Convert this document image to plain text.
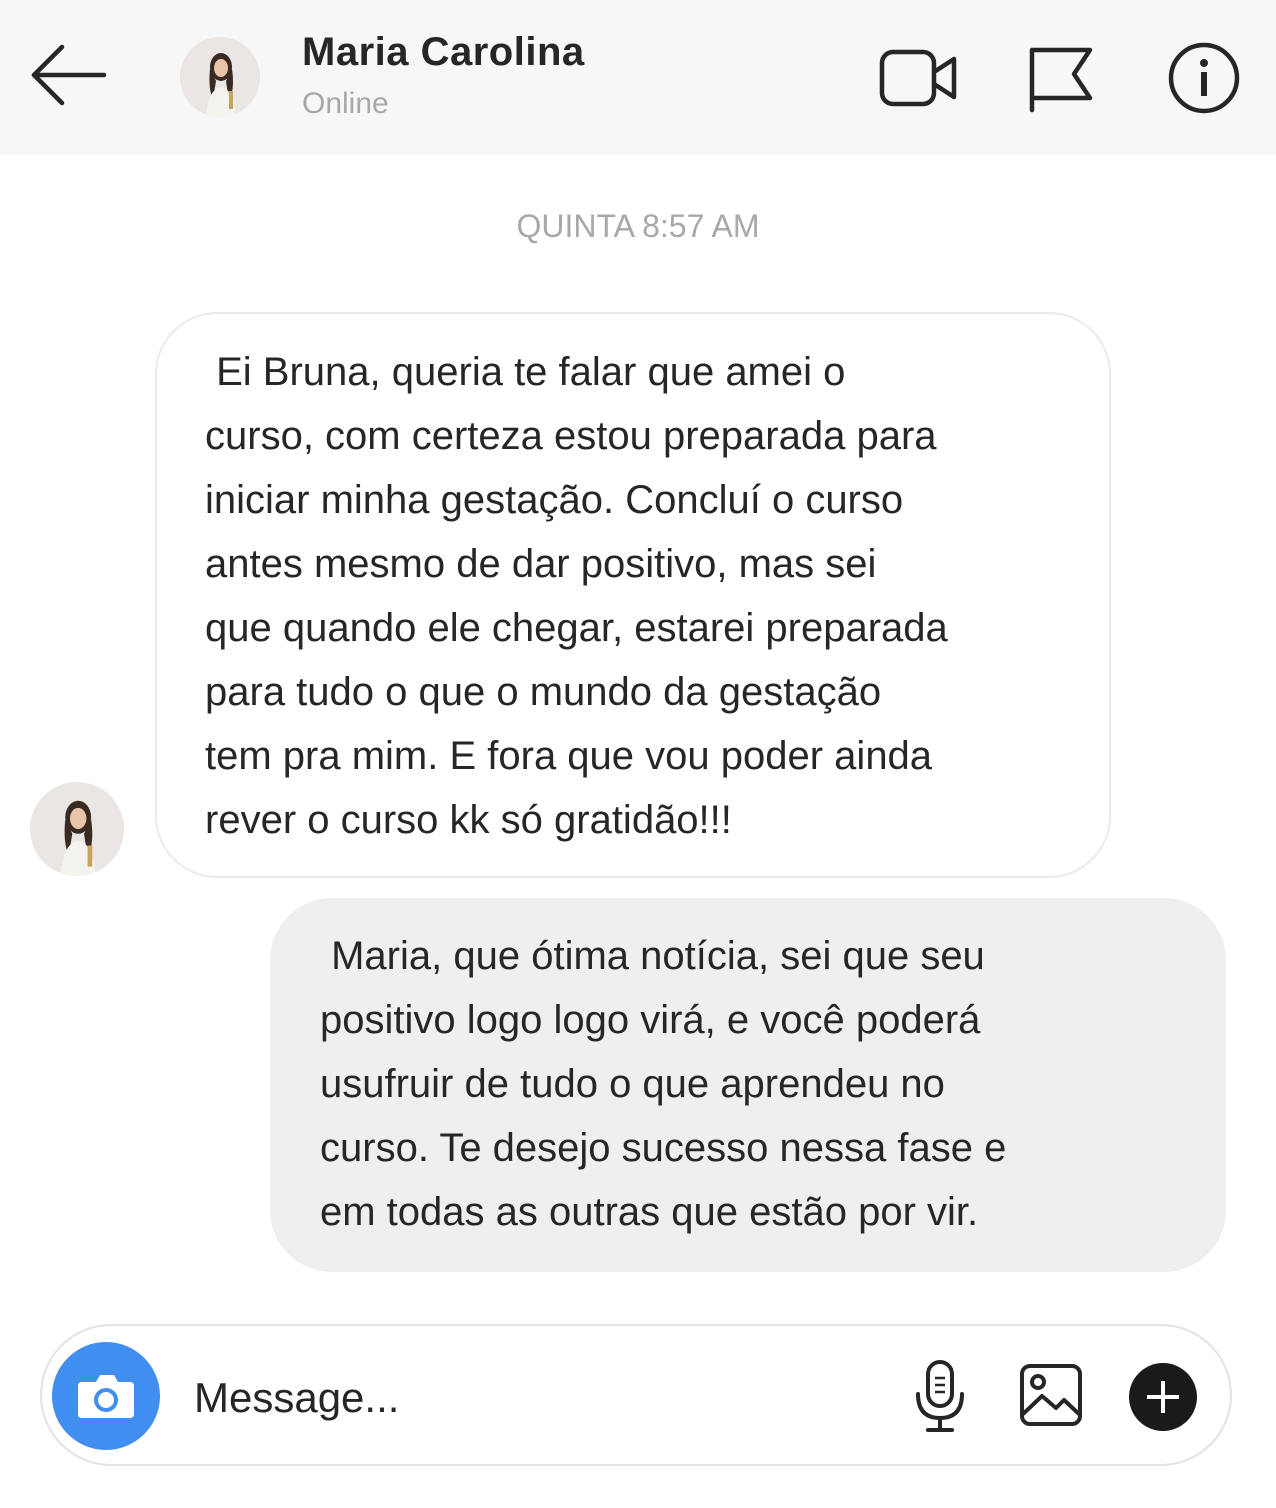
Maria Carolina
Online
QUINTA 8:57 AM
Ei Bruna, queria te falar que amei o
curso, com certeza estou preparada para
iniciar minha gestação. Concluí o curso
antes mesmo de dar positivo, mas sei
que quando ele chegar, estarei preparada
para tudo o que o mundo da gestação
tem pra mim. E fora que vou poder ainda
rever o curso kk só gratidão!!!
Maria, que ótima notícia, sei que seu
positivo logo logo virá, e você poderá
usufruir de tudo o que aprendeu no
curso. Te desejo sucesso nessa fase e
em todas as outras que estão por vir.
Message...
